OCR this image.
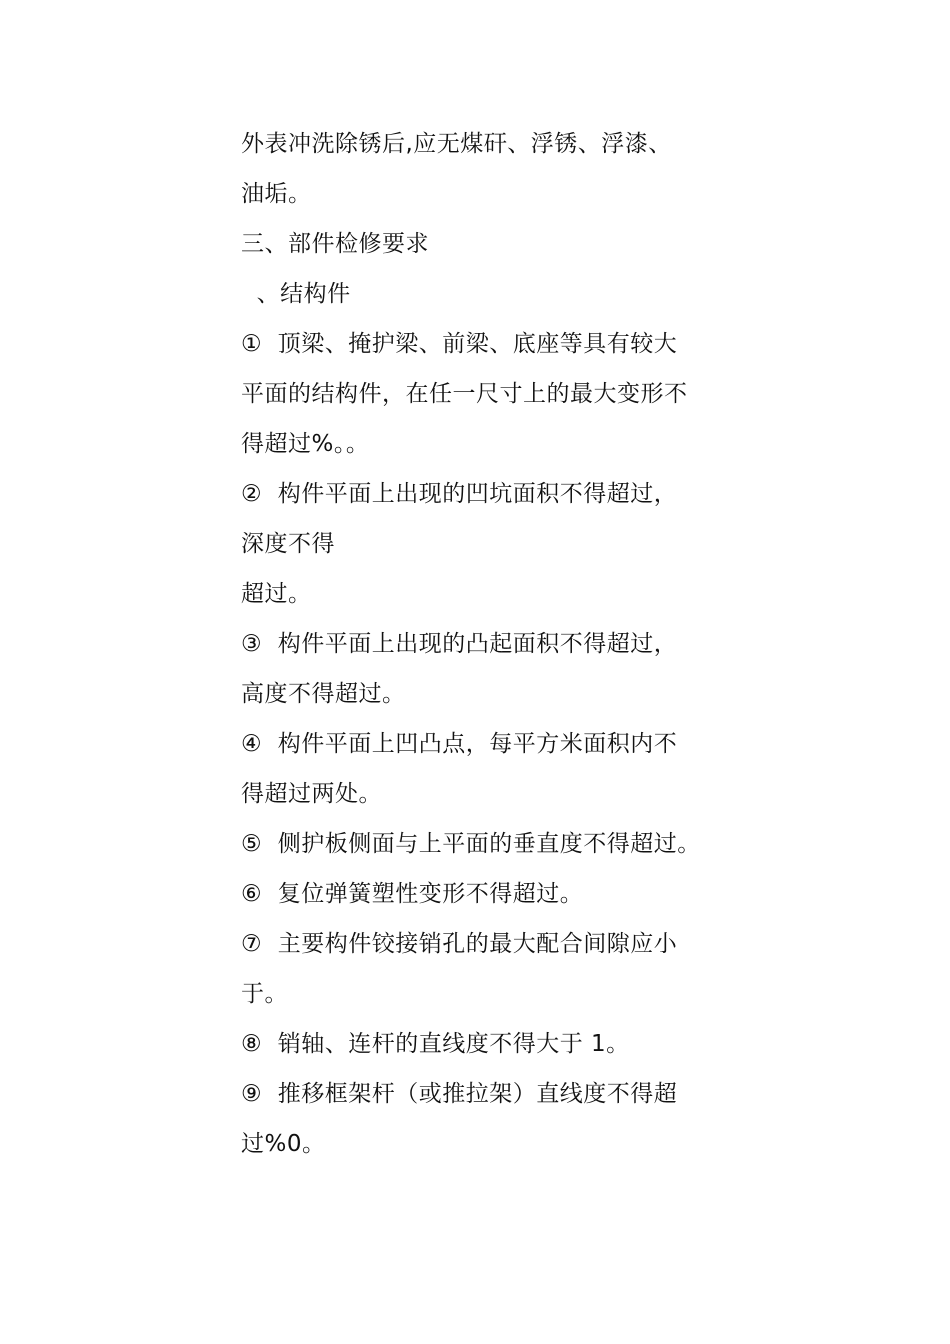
外表冲洗除锈后,应无煤矸、浮锈、浮漆、
油垢。
三、部件检修要求
、结构件
①  顶梁、掩护梁、前梁、底座等具有较大
平面的结构件，在任一尺寸上的最大变形不
得超过%。。
②  构件平面上出现的凹坑面积不得超过，
深度不得
超过。
③  构件平面上出现的凸起面积不得超过，
高度不得超过。
④  构件平面上凹凸点，每平方米面积内不
得超过两处。
⑤  侧护板侧面与上平面的垂直度不得超过。
⑥  复位弹簧塑性变形不得超过。
⑦  主要构件铰接销孔的最大配合间隙应小
于。
⑧  销轴、连杆的直线度不得大于 1。
⑨  推移框架杆（或推拉架）直线度不得超
过%0。
